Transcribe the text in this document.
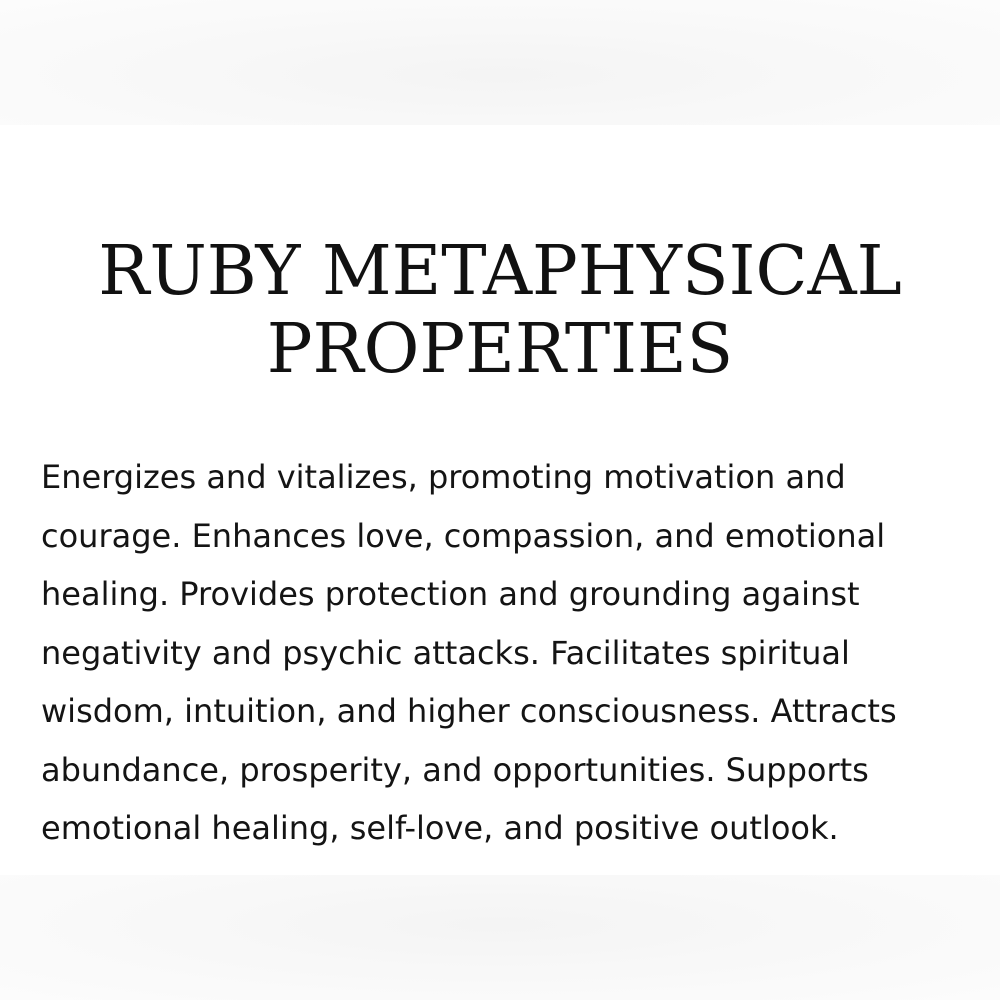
RUBY METAPHYSICAL
PROPERTIES

Energizes and vitalizes, promoting motivation and
courage. Enhances love, compassion, and emotional
healing. Provides protection and grounding against
negativity and psychic attacks. Facilitates spiritual
wisdom, intuition, and higher consciousness. Attracts
abundance, prosperity, and opportunities. Supports
emotional healing, self-love, and positive outlook.
